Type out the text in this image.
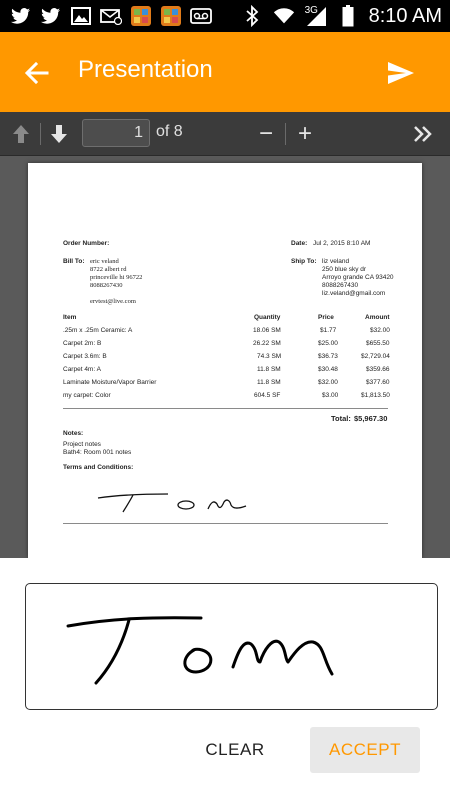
3G	8:10 AM
Presentation
1 of 8	− +
Order Number:	Date: Jul 2, 2015 8:10 AM
Bill To: eric veland
8722 albert rd
princeville hi 96722
8088267430
ervtest@live.com
Ship To: liz veland
250 blue sky dr
Arroyo grande CA 93420
8088267430
liz.veland@gmail.com
Item	Quantity	Price	Amount
.25m x .25m Ceramic: A	18.06 SM	$1.77	$32.00
Carpet 2m: B	26.22 SM	$25.00	$655.50
Carpet 3.6m: B	74.3 SM	$36.73	$2,729.04
Carpet 4m: A	11.8 SM	$30.48	$359.66
Laminate Moisture/Vapor Barrier	11.8 SM	$32.00	$377.60
my carpet: Color	604.5 SF	$3.00	$1,813.50
Total: $5,967.30
Notes:
Project notes
Bath4: Room 001 notes
Terms and Conditions:
CLEAR	ACCEPT
